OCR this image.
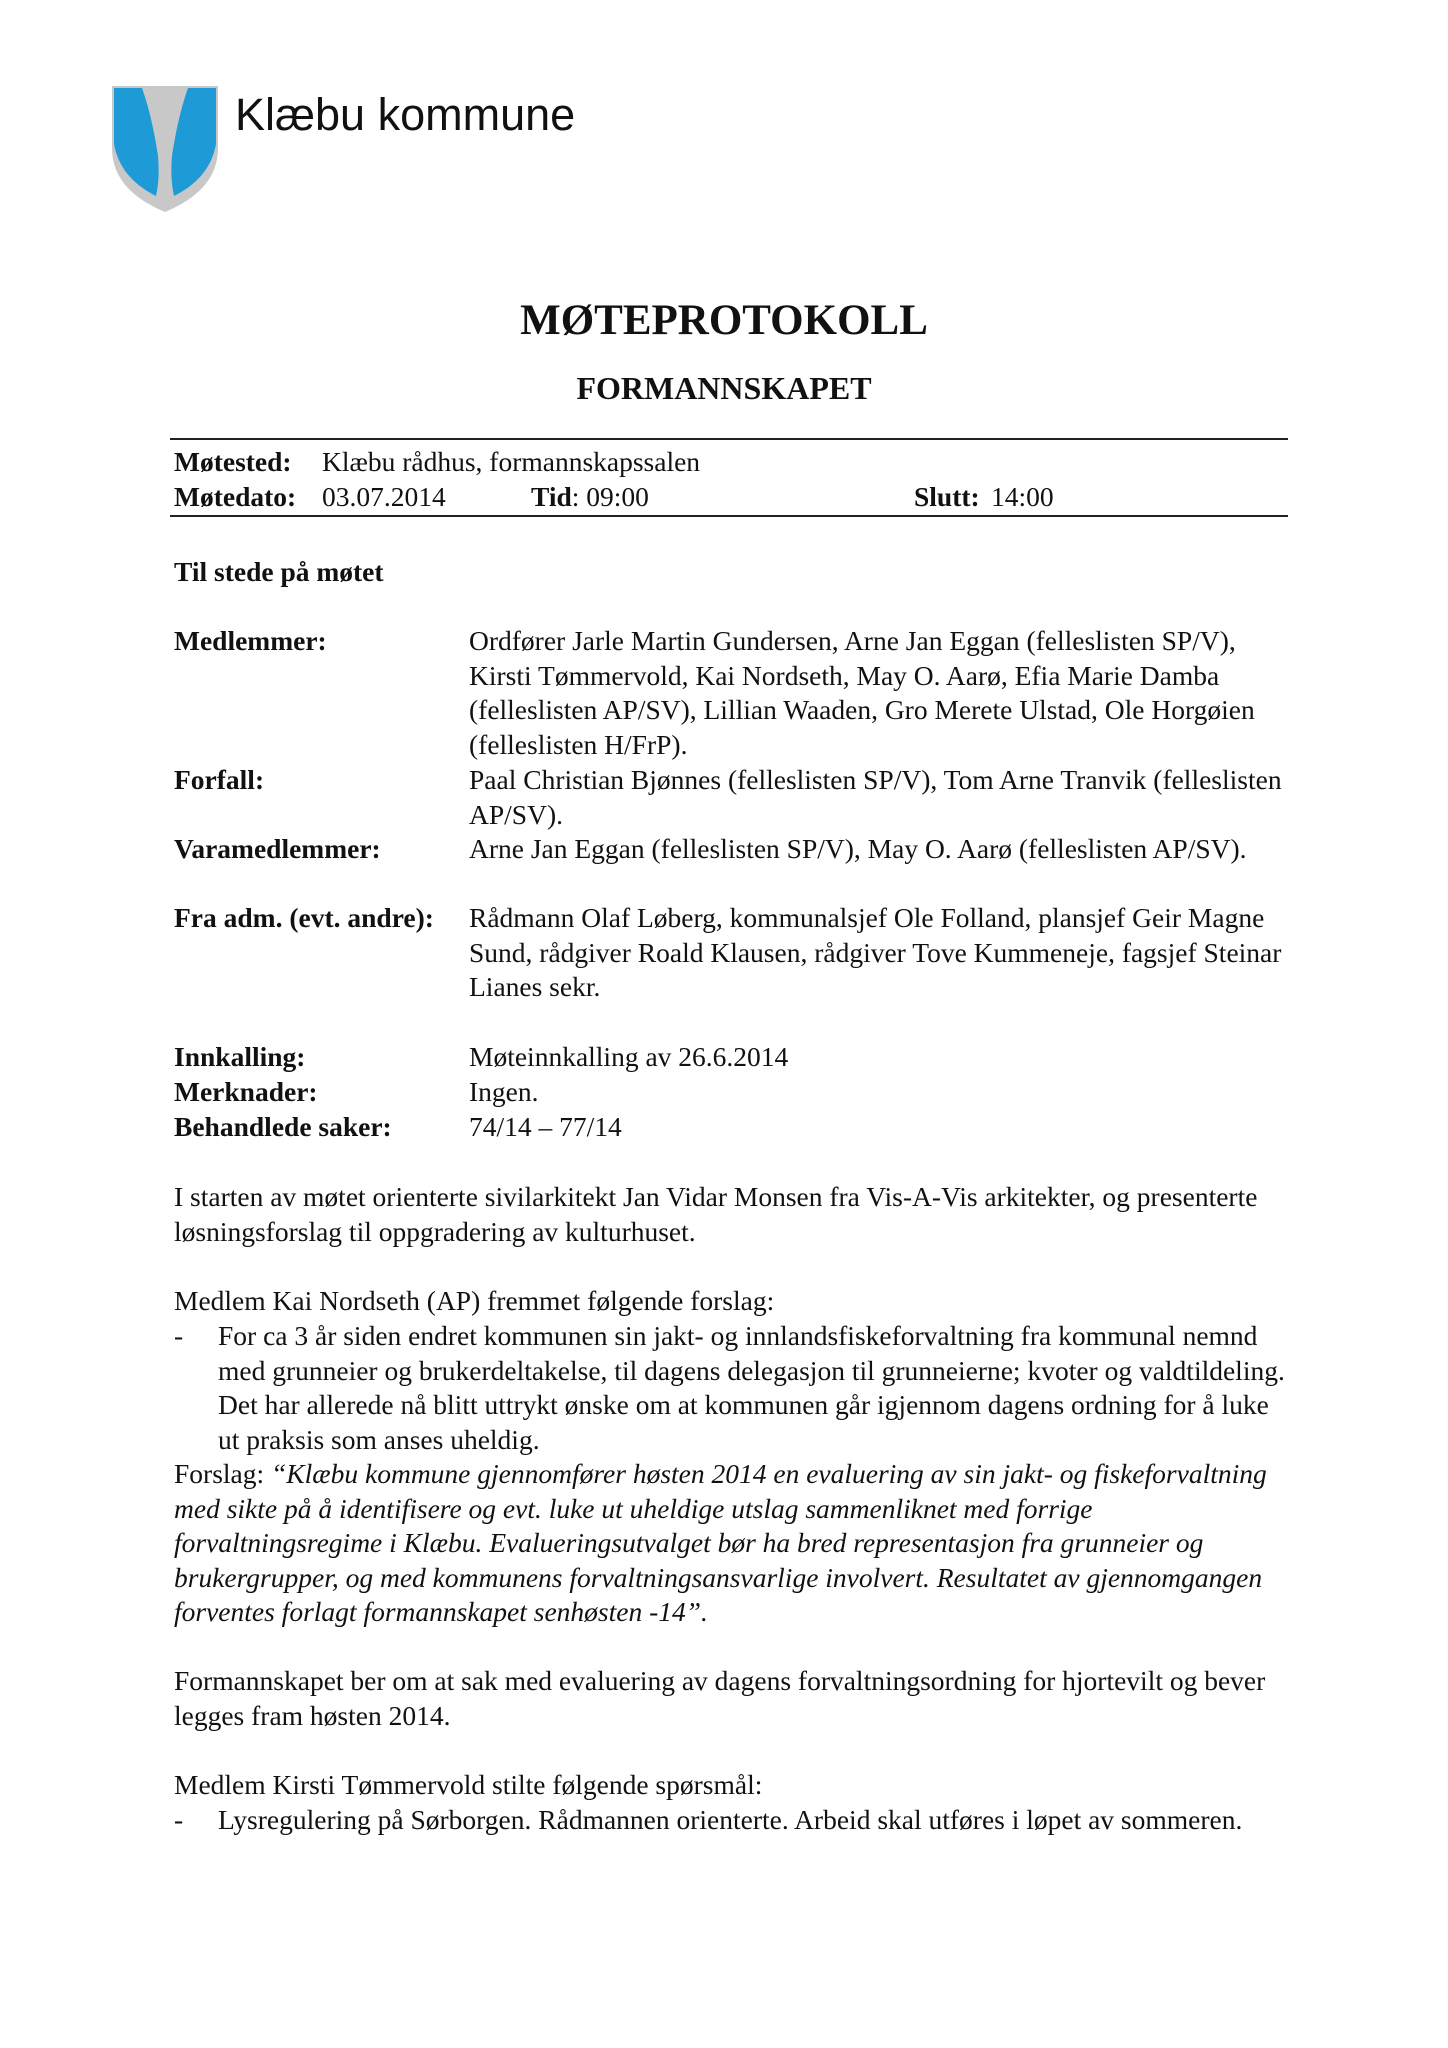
Klæbu kommune
MØTEPROTOKOLL
FORMANNSKAPET
Møtested: Klæbu rådhus, formannskapssalen
Møtedato: 03.07.2014	Tid: 09:00	Slutt: 14:00
Til stede på møtet
Medlemmer:	Ordfører Jarle Martin Gundersen, Arne Jan Eggan (felleslisten SP/V), Kirsti Tømmervold, Kai Nordseth, May O. Aarø, Efia Marie Damba (felleslisten AP/SV), Lillian Waaden, Gro Merete Ulstad, Ole Horgøien (felleslisten H/FrP).
Forfall:	Paal Christian Bjønnes (felleslisten SP/V), Tom Arne Tranvik (felleslisten AP/SV).
Varamedlemmer:	Arne Jan Eggan (felleslisten SP/V), May O. Aarø (felleslisten AP/SV).
Fra adm. (evt. andre): Rådmann Olaf Løberg, kommunalsjef Ole Folland, plansjef Geir Magne Sund, rådgiver Roald Klausen, rådgiver Tove Kummeneje, fagsjef Steinar Lianes sekr.
Innkalling:	Møteinnkalling av 26.6.2014
Merknader:	Ingen.
Behandlede saker:	74/14 – 77/14
I starten av møtet orienterte sivilarkitekt Jan Vidar Monsen fra Vis-A-Vis arkitekter, og presenterte løsningsforslag til oppgradering av kulturhuset.
Medlem Kai Nordseth (AP) fremmet følgende forslag:
- For ca 3 år siden endret kommunen sin jakt- og innlandsfiskeforvaltning fra kommunal nemnd med grunneier og brukerdeltakelse, til dagens delegasjon til grunneierne; kvoter og valdtildeling. Det har allerede nå blitt uttrykt ønske om at kommunen går igjennom dagens ordning for å luke ut praksis som anses uheldig.
Forslag: “Klæbu kommune gjennomfører høsten 2014 en evaluering av sin jakt- og fiskeforvaltning med sikte på å identifisere og evt. luke ut uheldige utslag sammenliknet med forrige forvaltningsregime i Klæbu. Evalueringsutvalget bør ha bred representasjon fra grunneier og brukergrupper, og med kommunens forvaltningsansvarlige involvert. Resultatet av gjennomgangen forventes forlagt formannskapet senhøsten -14”.
Formannskapet ber om at sak med evaluering av dagens forvaltningsordning for hjortevilt og bever legges fram høsten 2014.
Medlem Kirsti Tømmervold stilte følgende spørsmål:
- Lysregulering på Sørborgen. Rådmannen orienterte. Arbeid skal utføres i løpet av sommeren.
